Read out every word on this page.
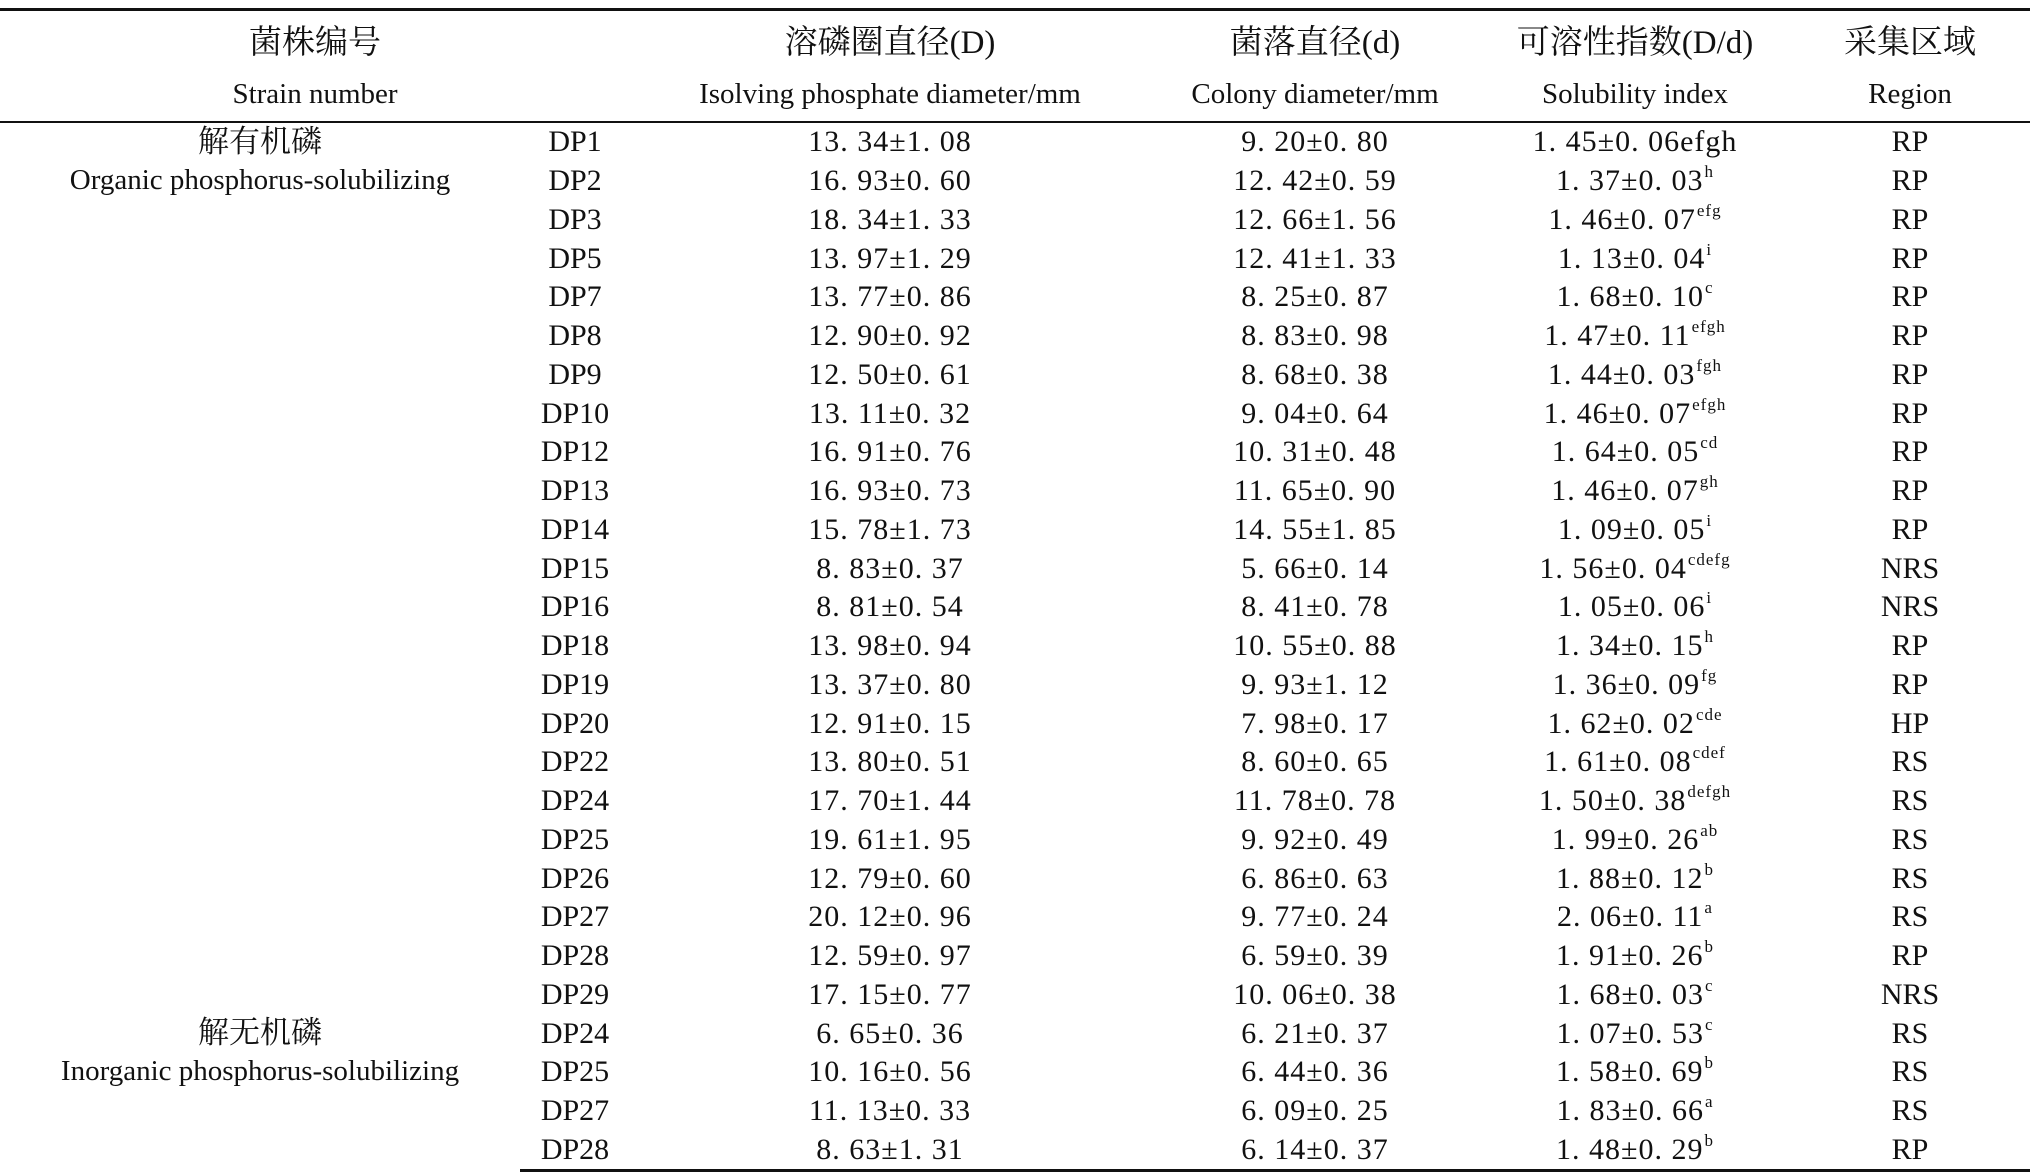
菌株编号		溶磷圈直径(D)	菌落直径(d)	可溶性指数(D/d)	采集区域
Strain number		Isolving phosphate diameter/mm	Colony diameter/mm	Solubility index	Region

解有机磷
Organic phosphorus-solubilizing	DP1	13. 34±1. 08	9. 20±0. 80	1. 45±0. 06efgh	RP
	DP2	16. 93±0. 60	12. 42±0. 59	1. 37±0. 03$^h$	RP
	DP3	18. 34±1. 33	12. 66±1. 56	1. 46±0. $07^{efg}$	RP
	DP5	13. 97±1. 29	12. 41±1. 33	1. 13±0. 04$^i$	RP
	DP7	13. 77±0. 86	8. 25±0. 87	1. 68±0. 10$^c$	RP
	DP8	12. 90±0. 92	8. 83±0. 98	1. 47±0. $11^{efgh}$	RP
	DP9	12. 50±0. 61	8. 68±0. 38	1. 44±0. $03^{fgh}$	RP
	DP10	13. 11±0. 32	9. 04±0. 64	1. 46±0. $07^{efgh}$	RP
	DP12	16. 91±0. 76	10. 31±0. 48	1. 64±0. $05^{cd}$	RP
	DP13	16. 93±0. 73	11. 65±0. 90	1. 46±0. $07^{gh}$	RP
	DP14	15. 78±1. 73	14. 55±1. 85	1. 09±0. 05$^i$	RP
	DP15	8. 83±0. 37	5. 66±0. 14	1. 56±0. $04^{cdefg}$	NRS
	DP16	8. 81±0. 54	8. 41±0. 78	1. 05±0. 06$^i$	NRS
	DP18	13. 98±0. 94	10. 55±0. 88	1. 34±0. 15$^h$	RP
	DP19	13. 37±0. 80	9. 93±1. 12	1. 36±0. $09^{fg}$	RP
	DP20	12. 91±0. 15	7. 98±0. 17	1. 62±0. $02^{cde}$	HP
	DP22	13. 80±0. 51	8. 60±0. 65	1. 61±0. $08^{cdef}$	RS
	DP24	17. 70±1. 44	11. 78±0. 78	1. 50±0. $38^{defgh}$	RS
	DP25	19. 61±1. 95	9. 92±0. 49	1. 99±0. $26^{ab}$	RS
	DP26	12. 79±0. 60	6. 86±0. 63	1. 88±0. 12$^b$	RS
	DP27	20. 12±0. 96	9. 77±0. 24	2. 06±0. 11$^a$	RS
	DP28	12. 59±0. 97	6. 59±0. 39	1. 91±0. 26$^b$	RP
	DP29	17. 15±0. 77	10. 06±0. 38	1. 68±0. 03$^c$	NRS

解无机磷
Inorganic phosphorus-solubilizing	DP24	6. 65±0. 36	6. 21±0. 37	1. 07±0. 53$^c$	RS
	DP25	10. 16±0. 56	6. 44±0. 36	1. 58±0. 69$^b$	RS
	DP27	11. 13±0. 33	6. 09±0. 25	1. 83±0. 66$^a$	RS
	DP28	8. 63±1. 31	6. 14±0. 37	1. 48±0. 29$^b$	RP
